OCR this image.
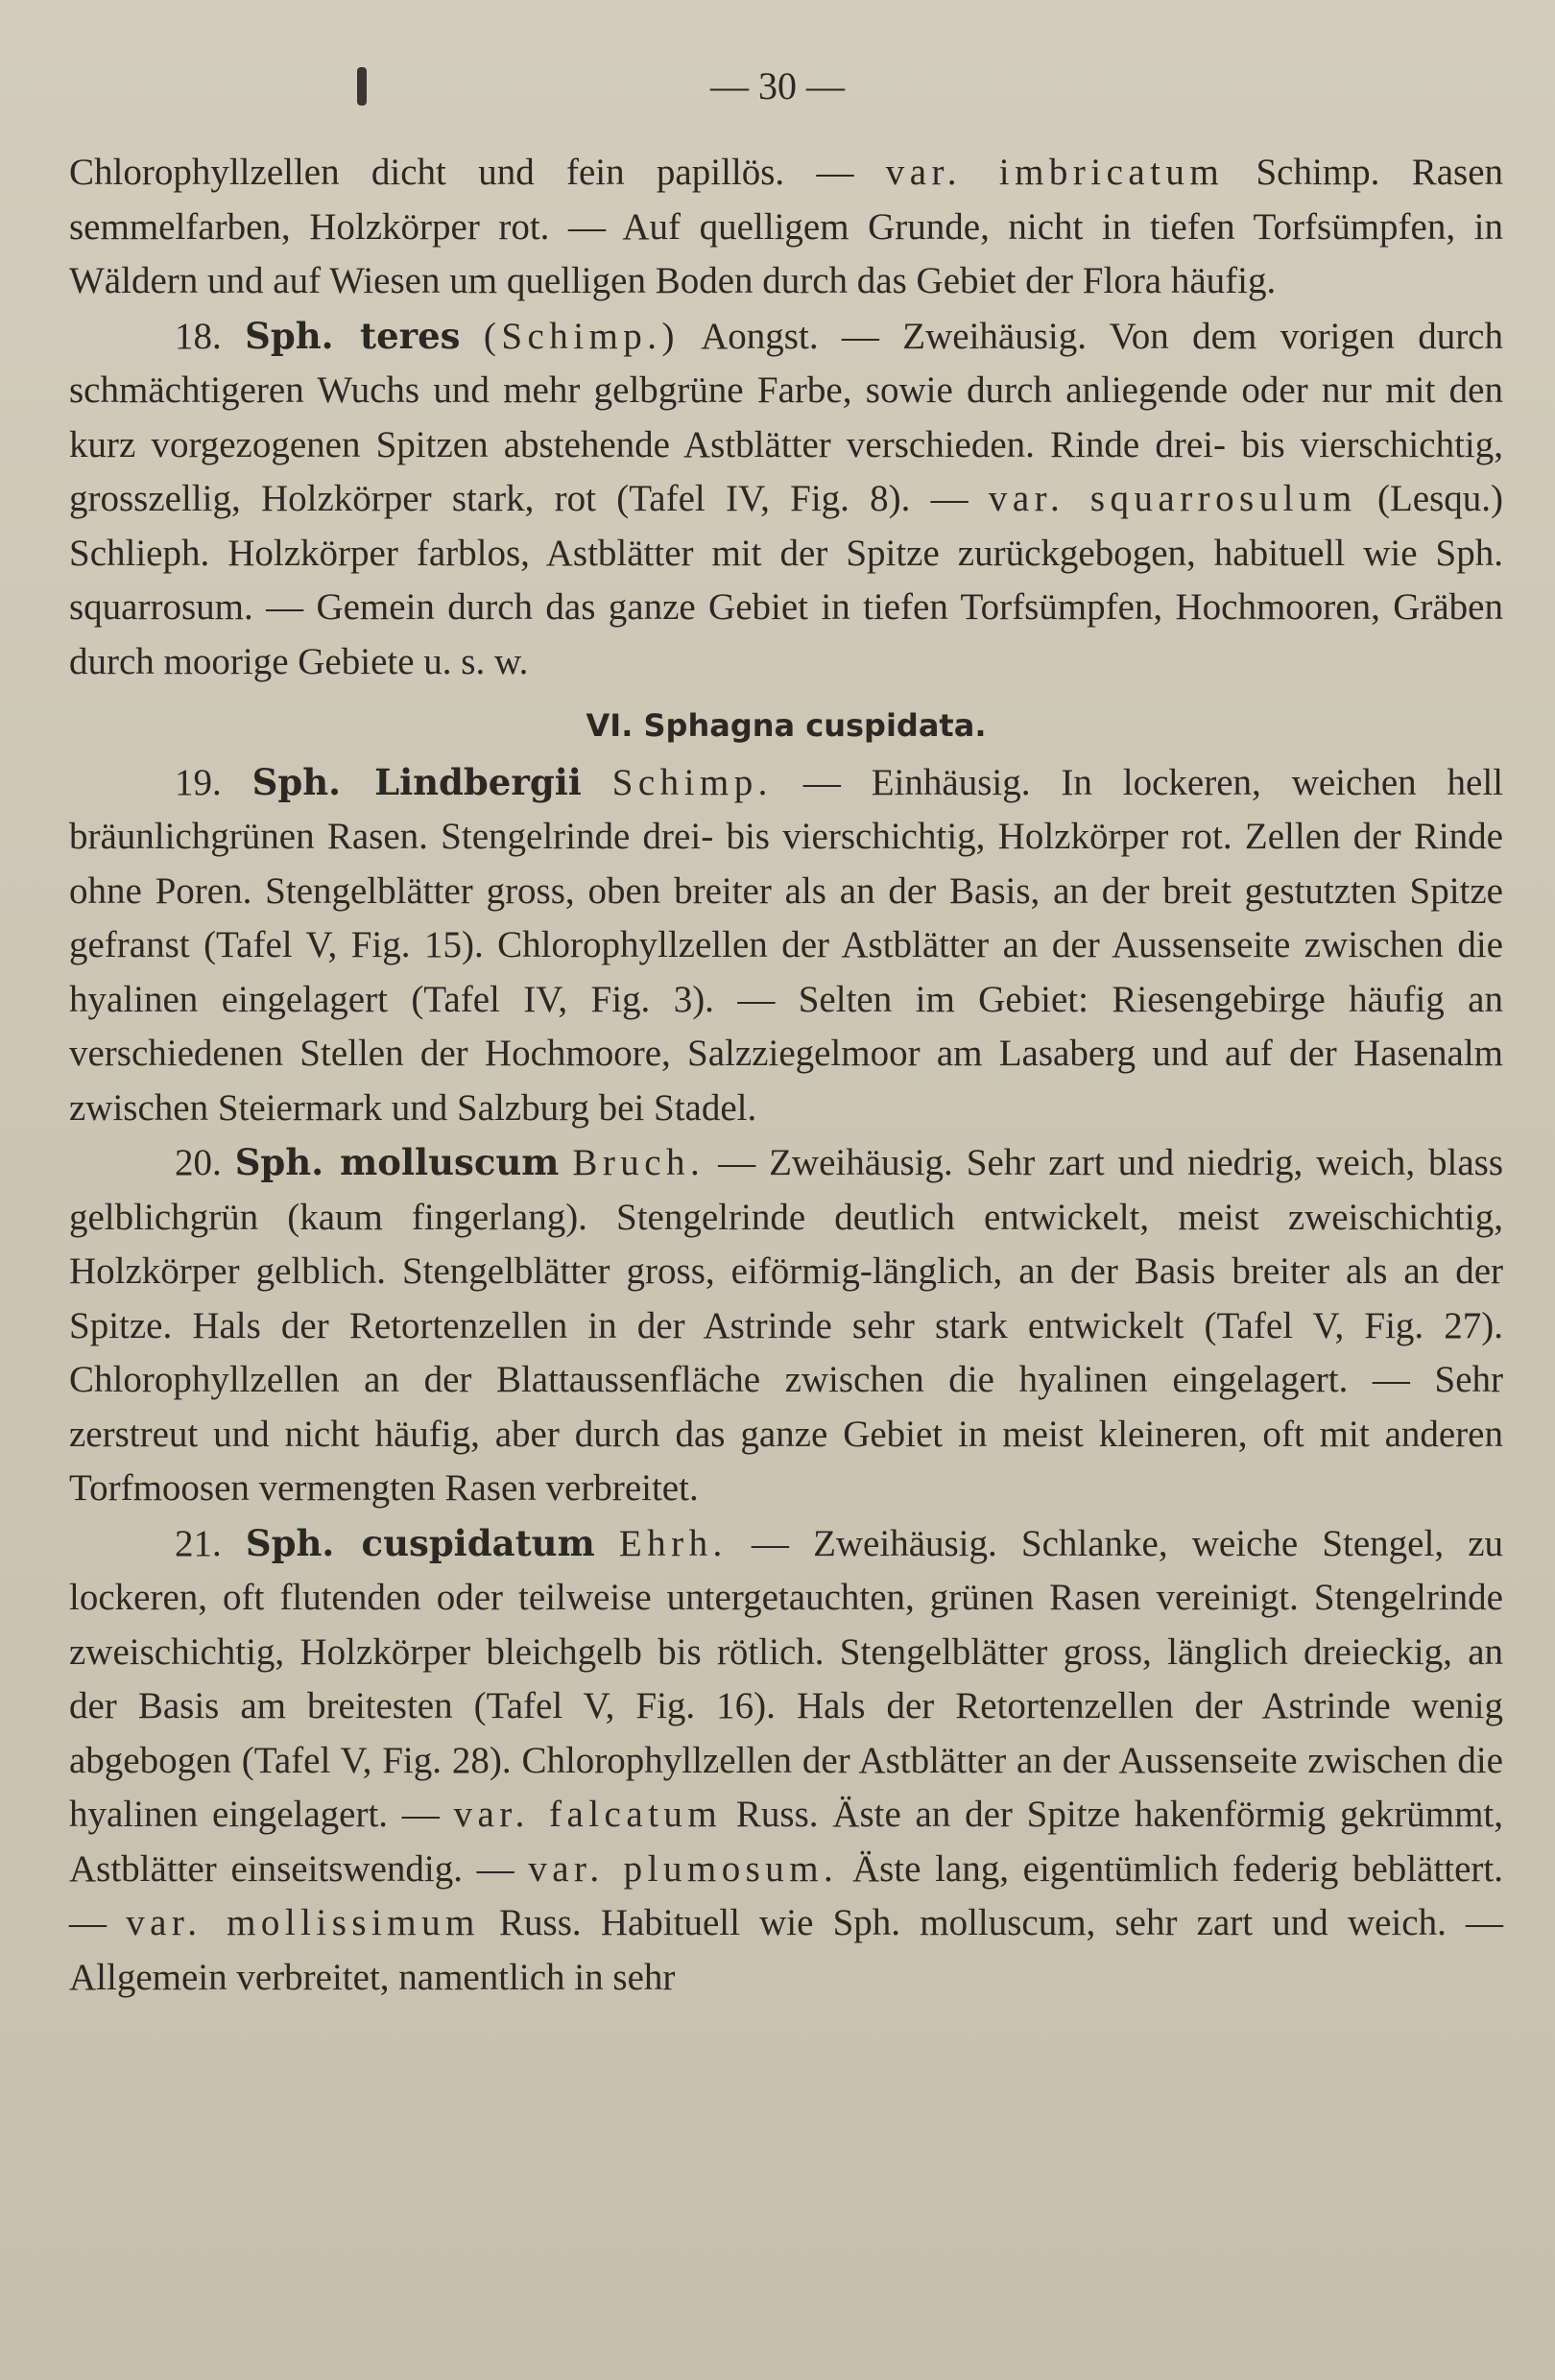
— 30 —

Chlorophyllzellen dicht und fein papillös. — var. imbricatum Schimp. Rasen semmelfarben, Holzkörper rot. — Auf quelligem Grunde, nicht in tiefen Torfsümpfen, in Wäldern und auf Wiesen um quelligen Boden durch das Gebiet der Flora häufig.

18. Sph. teres (Schimp.) Aongst. — Zweihäusig. Von dem vorigen durch schmächtigeren Wuchs und mehr gelbgrüne Farbe, sowie durch anliegende oder nur mit den kurz vorgezogenen Spitzen abstehende Astblätter verschieden. Rinde drei- bis vierschichtig, grosszellig, Holzkörper stark, rot (Tafel IV, Fig. 8). — var. squarrosulum (Lesqu.) Schlieph. Holzkörper farblos, Astblätter mit der Spitze zurückgebogen, habituell wie Sph. squarrosum. — Gemein durch das ganze Gebiet in tiefen Torfsümpfen, Hochmooren, Gräben durch moorige Gebiete u. s. w.

VI. Sphagna cuspidata.

19. Sph. Lindbergii Schimp. — Einhäusig. In lockeren, weichen hell bräunlichgrünen Rasen. Stengelrinde drei- bis vierschichtig, Holzkörper rot. Zellen der Rinde ohne Poren. Stengelblätter gross, oben breiter als an der Basis, an der breit gestutzten Spitze gefranst (Tafel V, Fig. 15). Chlorophyllzellen der Astblätter an der Aussenseite zwischen die hyalinen eingelagert (Tafel IV, Fig. 3). — Selten im Gebiet: Riesengebirge häufig an verschiedenen Stellen der Hochmoore, Salzziegelmoor am Lasaberg und auf der Hasenalm zwischen Steiermark und Salzburg bei Stadel.

20. Sph. molluscum Bruch. — Zweihäusig. Sehr zart und niedrig, weich, blass gelblichgrün (kaum fingerlang). Stengelrinde deutlich entwickelt, meist zweischichtig, Holzkörper gelblich. Stengelblätter gross, eiförmig-länglich, an der Basis breiter als an der Spitze. Hals der Retortenzellen in der Astrinde sehr stark entwickelt (Tafel V, Fig. 27). Chlorophyllzellen an der Blattaussenfläche zwischen die hyalinen eingelagert. — Sehr zerstreut und nicht häufig, aber durch das ganze Gebiet in meist kleineren, oft mit anderen Torfmoosen vermengten Rasen verbreitet.

21. Sph. cuspidatum Ehrh. — Zweihäusig. Schlanke, weiche Stengel, zu lockeren, oft flutenden oder teilweise untergetauchten, grünen Rasen vereinigt. Stengelrinde zweischichtig, Holzkörper bleichgelb bis rötlich. Stengelblätter gross, länglich dreieckig, an der Basis am breitesten (Tafel V, Fig. 16). Hals der Retortenzellen der Astrinde wenig abgebogen (Tafel V, Fig. 28). Chlorophyllzellen der Astblätter an der Aussenseite zwischen die hyalinen eingelagert. — var. falcatum Russ. Äste an der Spitze hakenförmig gekrümmt, Astblätter einseitswendig. — var. plumosum. Äste lang, eigentümlich federig beblättert. — var. mollissimum Russ. Habituell wie Sph. molluscum, sehr zart und weich. — Allgemein verbreitet, namentlich in sehr
